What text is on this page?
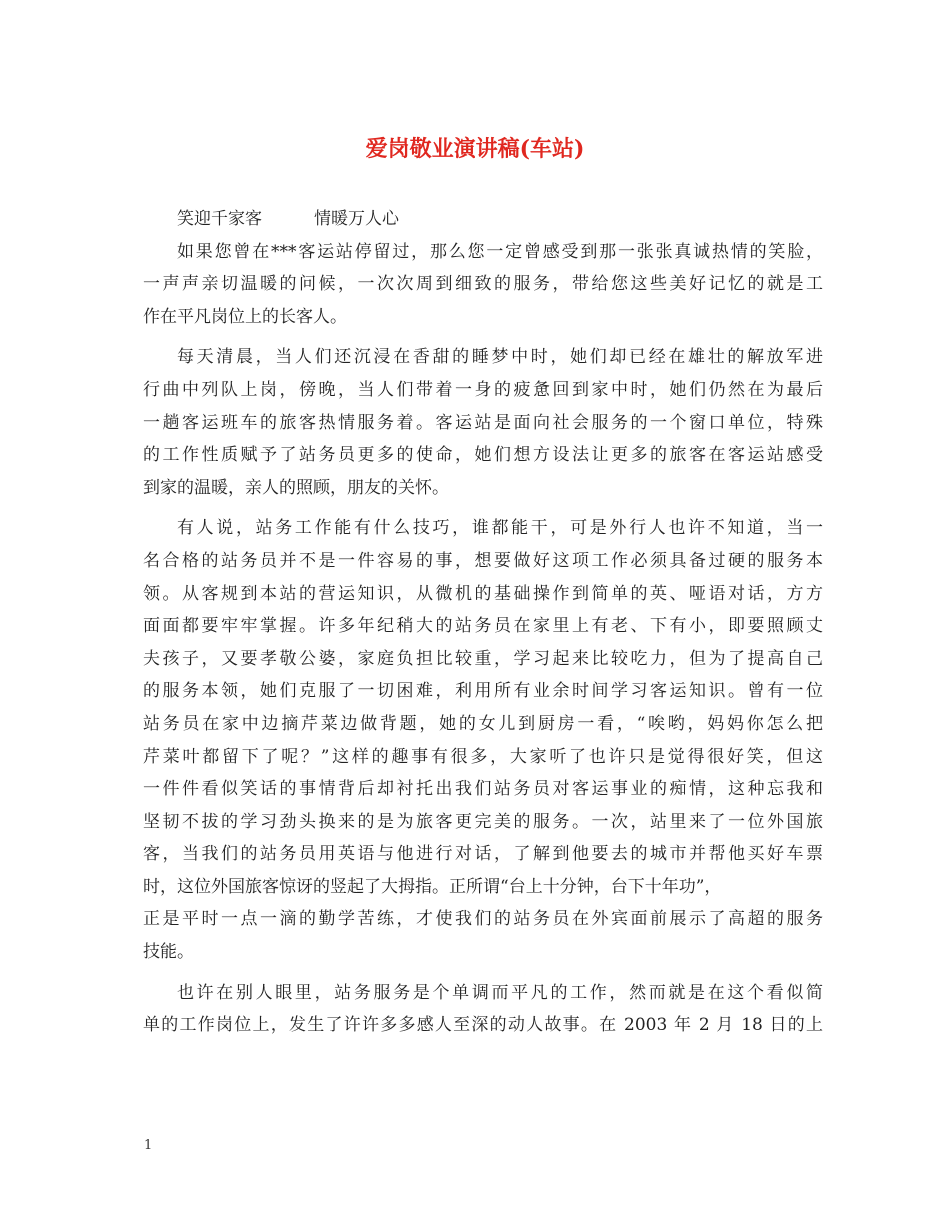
爱岗敬业演讲稿(车站)
笑迎千家客	情暖万人心
如果您曾在***客运站停留过，那么您一定曾感受到那一张张真诚热情的笑脸，
一声声亲切温暖的问候，一次次周到细致的服务，带给您这些美好记忆的就是工
作在平凡岗位上的长客人。
每天清晨，当人们还沉浸在香甜的睡梦中时，她们却已经在雄壮的解放军进
行曲中列队上岗，傍晚，当人们带着一身的疲惫回到家中时，她们仍然在为最后
一趟客运班车的旅客热情服务着。客运站是面向社会服务的一个窗口单位，特殊
的工作性质赋予了站务员更多的使命，她们想方设法让更多的旅客在客运站感受
到家的温暖，亲人的照顾，朋友的关怀。
有人说，站务工作能有什么技巧，谁都能干，可是外行人也许不知道，当一
名合格的站务员并不是一件容易的事，想要做好这项工作必须具备过硬的服务本
领。从客规到本站的营运知识，从微机的基础操作到简单的英、哑语对话，方方
面面都要牢牢掌握。许多年纪稍大的站务员在家里上有老、下有小，即要照顾丈
夫孩子，又要孝敬公婆，家庭负担比较重，学习起来比较吃力，但为了提高自己
的服务本领，她们克服了一切困难，利用所有业余时间学习客运知识。曾有一位
站务员在家中边摘芹菜边做背题，她的女儿到厨房一看，“唉哟，妈妈你怎么把
芹菜叶都留下了呢？”这样的趣事有很多，大家听了也许只是觉得很好笑，但这
一件件看似笑话的事情背后却衬托出我们站务员对客运事业的痴情，这种忘我和
坚韧不拔的学习劲头换来的是为旅客更完美的服务。一次，站里来了一位外国旅
客，当我们的站务员用英语与他进行对话，了解到他要去的城市并帮他买好车票
时，这位外国旅客惊讶的竖起了大拇指。正所谓“台上十分钟，台下十年功”，
正是平时一点一滴的勤学苦练，才使我们的站务员在外宾面前展示了高超的服务
技能。
也许在别人眼里，站务服务是个单调而平凡的工作，然而就是在这个看似简
单的工作岗位上，发生了许许多多感人至深的动人故事。在 2003 年 2 月 18 日的上
1
